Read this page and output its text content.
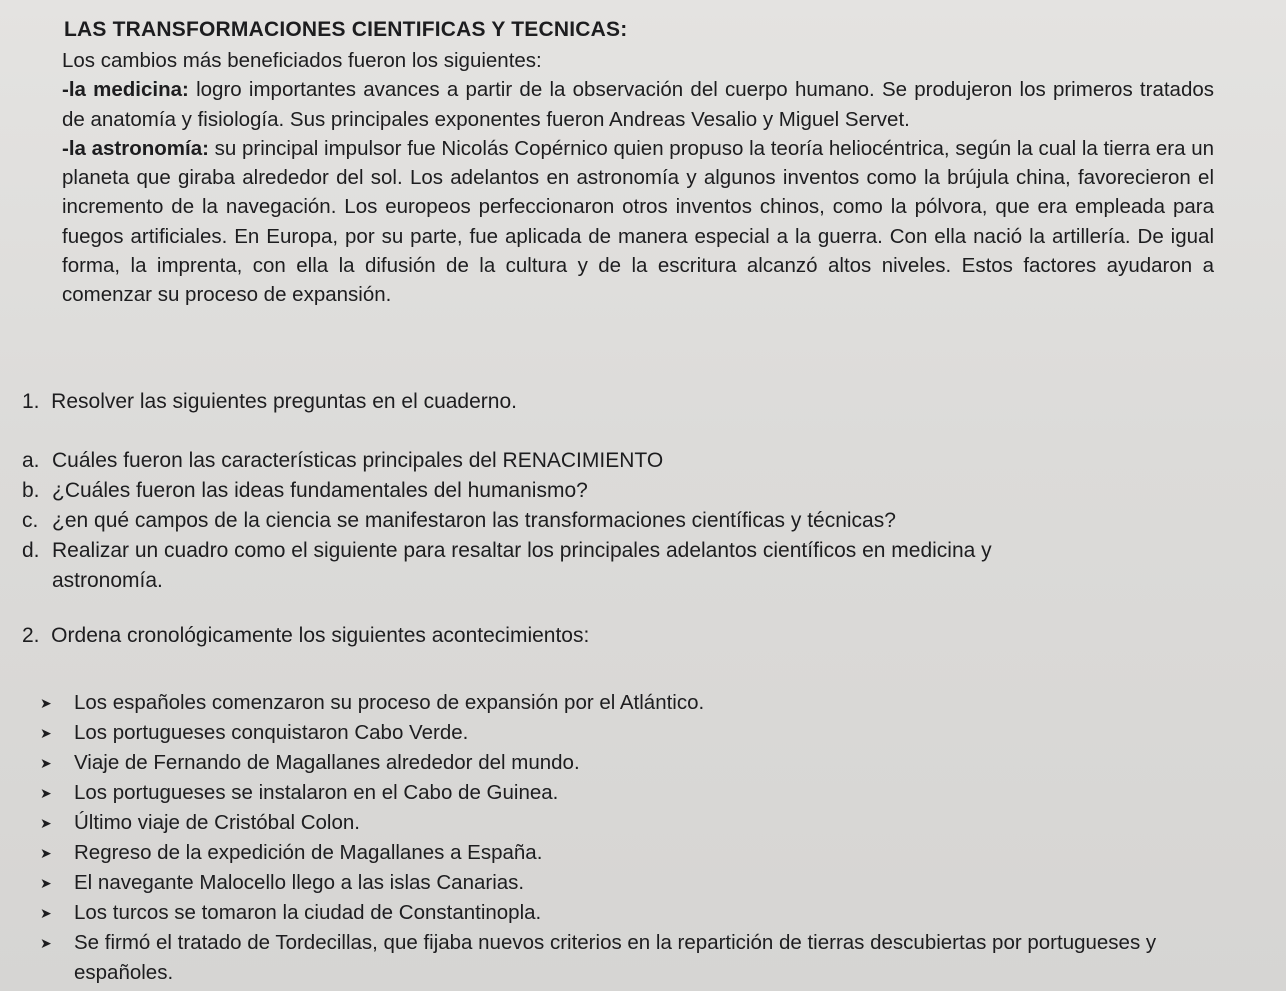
LAS TRANSFORMACIONES CIENTIFICAS Y TECNICAS:

Los cambios más beneficiados fueron los siguientes:

-la medicina: logro importantes avances a partir de la observación del cuerpo humano. Se produjeron los primeros tratados de anatomía y fisiología. Sus principales exponentes fueron Andreas Vesalio y Miguel Servet.

-la astronomía: su principal impulsor fue Nicolás Copérnico quien propuso la teoría heliocéntrica, según la cual la tierra era un planeta que giraba alrededor del sol. Los adelantos en astronomía y algunos inventos como la brújula china, favorecieron el incremento de la navegación. Los europeos perfeccionaron otros inventos chinos, como la pólvora, que era empleada para fuegos artificiales. En Europa, por su parte, fue aplicada de manera especial a la guerra. Con ella nació la artillería. De igual forma, la imprenta, con ella la difusión de la cultura y de la escritura alcanzó altos niveles. Estos factores ayudaron a comenzar su proceso de expansión.

1.  Resolver las siguientes preguntas en el cuaderno.
a. Cuáles fueron las características principales del RENACIMIENTO
b. ¿Cuáles fueron las ideas fundamentales del humanismo?
c. ¿en qué campos de la ciencia se manifestaron las transformaciones científicas y técnicas?
d. Realizar un cuadro como el siguiente para resaltar los principales adelantos científicos en medicina y
astronomía.
2.  Ordena cronológicamente los siguientes acontecimientos:
➤ Los españoles comenzaron su proceso de expansión por el Atlántico.
➤ Los portugueses conquistaron Cabo Verde.
➤ Viaje de Fernando de Magallanes alrededor del mundo.
➤ Los portugueses se instalaron en el Cabo de Guinea.
➤ Último viaje de Cristóbal Colon.
➤ Regreso de la expedición de Magallanes a España.
➤ El navegante Malocello llego a las islas Canarias.
➤ Los turcos se tomaron la ciudad de Constantinopla.
➤ Se firmó el tratado de Tordecillas, que fijaba nuevos criterios en la repartición de tierras descubiertas por portugueses y españoles.
